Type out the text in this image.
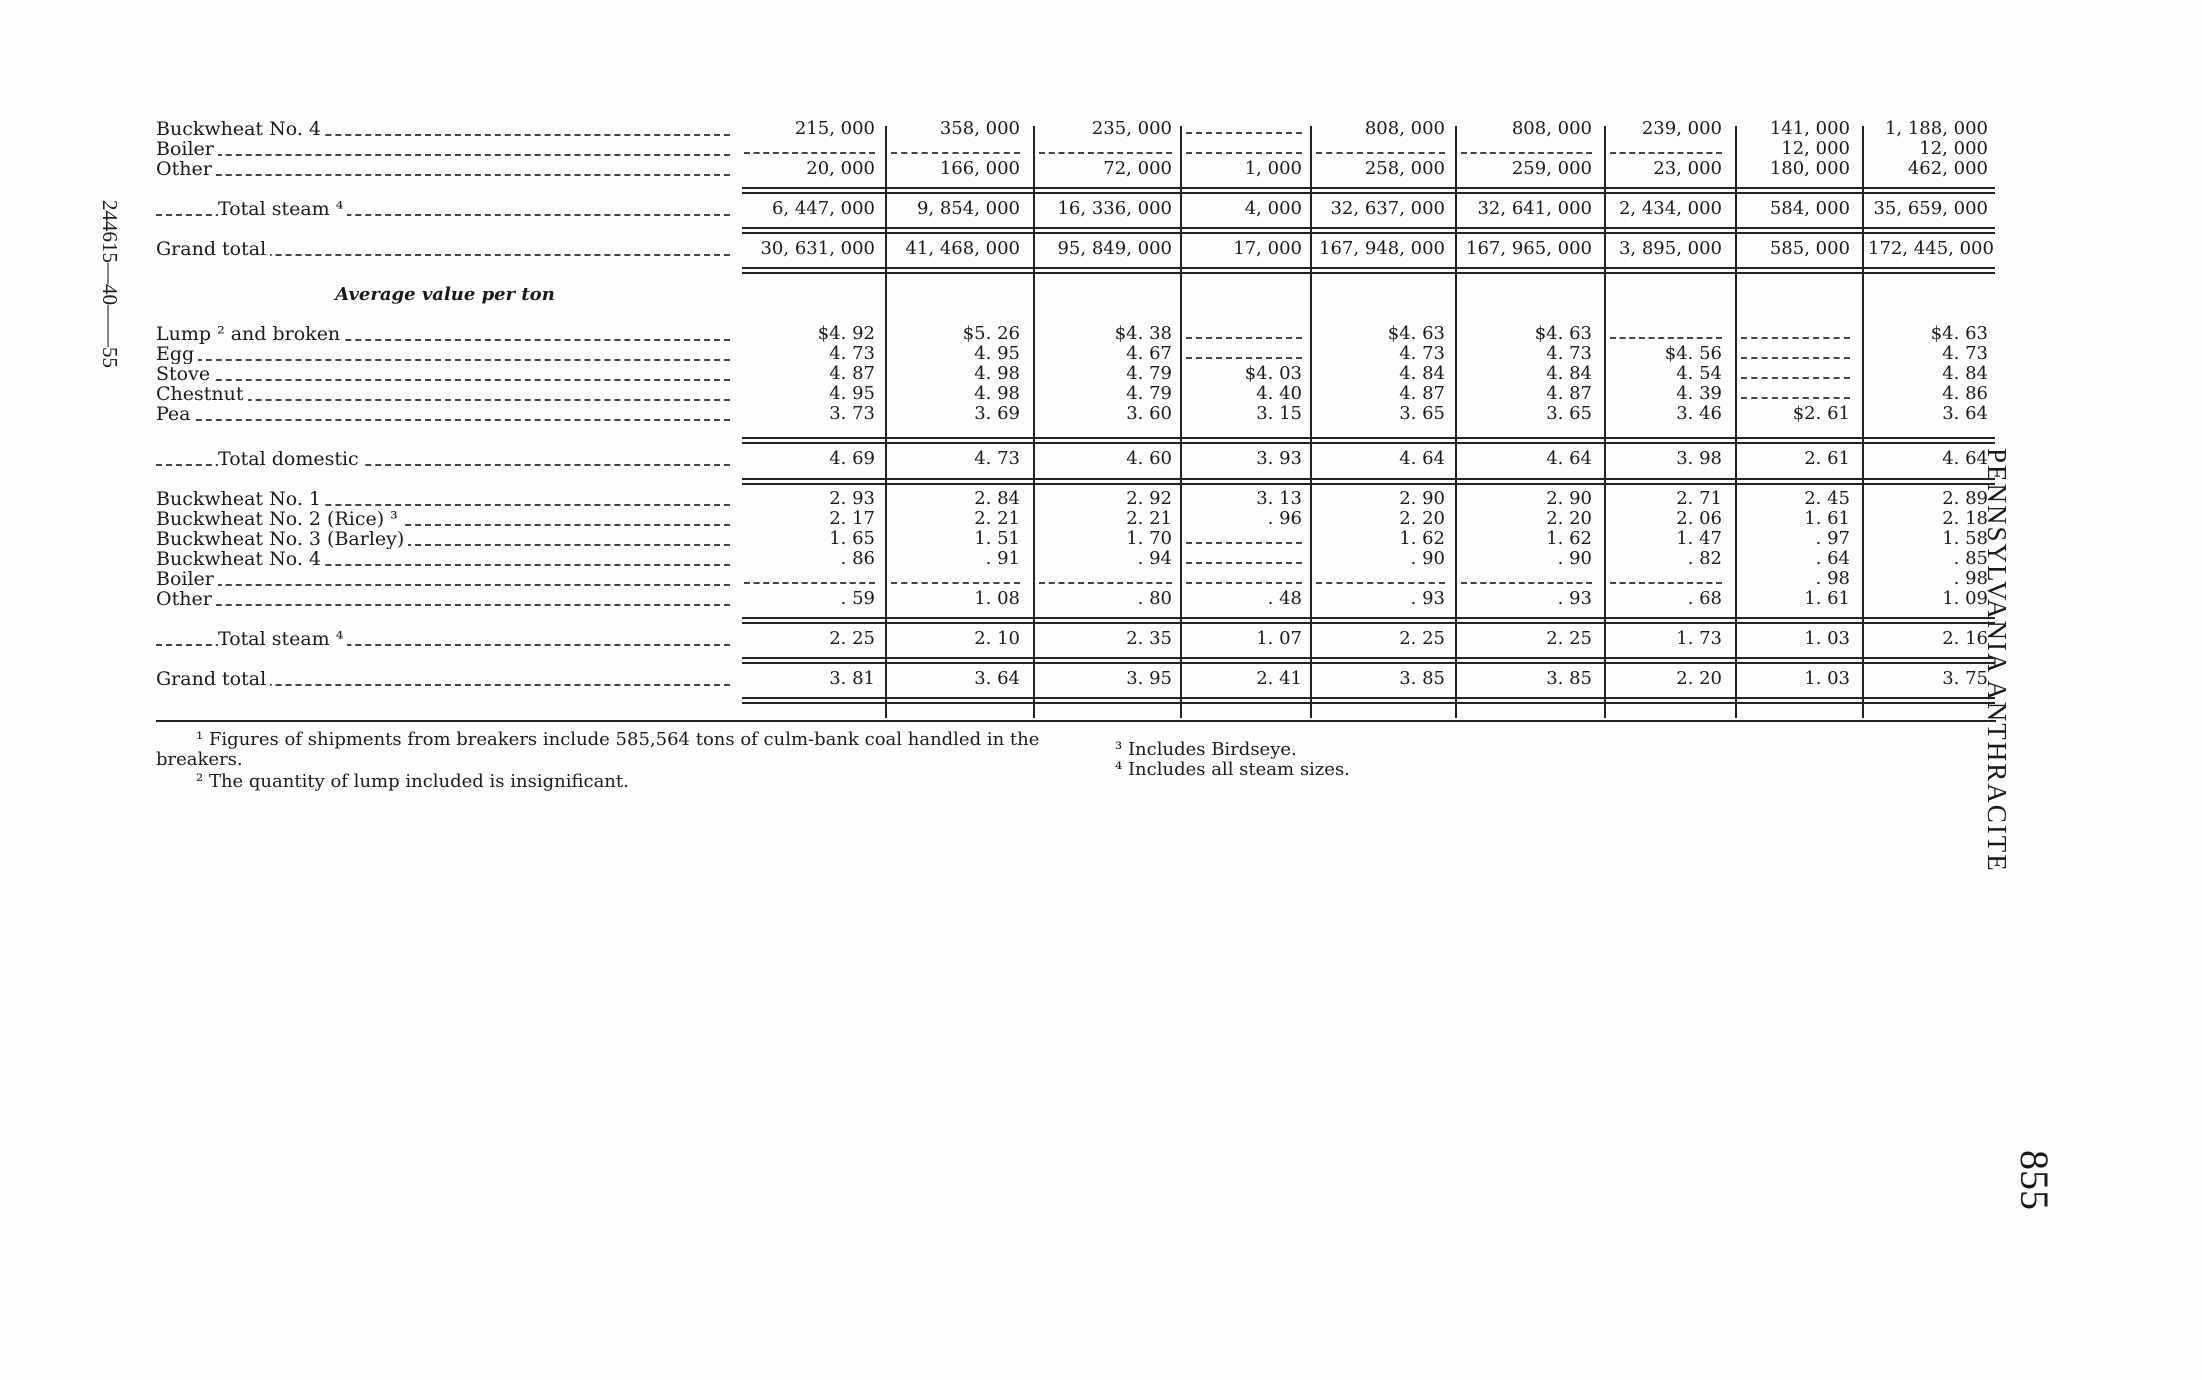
244615—40——55
PENNSYLVANIA ANTHRACITE
855
Buckwheat No. 4
Boiler
Other
Total steam ⁴
Grand total
Lump ² and broken
Egg
Stove
Chestnut
Pea
Total domestic
Buckwheat No. 1
Buckwheat No. 2 (Rice) ³
Buckwheat No. 3 (Barley)
Buckwheat No. 4
Boiler
Other
Total steam ⁴
Grand total
Average value per ton
215, 000
20, 000
6, 447, 000
30, 631, 000
$4. 92
4. 73
4. 87
4. 95
3. 73
4. 69
2. 93
2. 17
1. 65
. 86
. 59
2. 25
3. 81
358, 000
166, 000
9, 854, 000
41, 468, 000
$5. 26
4. 95
4. 98
4. 98
3. 69
4. 73
2. 84
2. 21
1. 51
. 91
1. 08
2. 10
3. 64
235, 000
72, 000
16, 336, 000
95, 849, 000
$4. 38
4. 67
4. 79
4. 79
3. 60
4. 60
2. 92
2. 21
1. 70
. 94
. 80
2. 35
3. 95
1, 000
4, 000
17, 000
$4. 03
4. 40
3. 15
3. 93
3. 13
. 96
. 48
1. 07
2. 41
808, 000
258, 000
32, 637, 000
167, 948, 000
$4. 63
4. 73
4. 84
4. 87
3. 65
4. 64
2. 90
2. 20
1. 62
. 90
. 93
2. 25
3. 85
808, 000
259, 000
32, 641, 000
167, 965, 000
$4. 63
4. 73
4. 84
4. 87
3. 65
4. 64
2. 90
2. 20
1. 62
. 90
. 93
2. 25
3. 85
239, 000
23, 000
2, 434, 000
3, 895, 000
$4. 56
4. 54
4. 39
3. 46
3. 98
2. 71
2. 06
1. 47
. 82
. 68
1. 73
2. 20
141, 000
12, 000
180, 000
584, 000
585, 000
$2. 61
2. 61
2. 45
1. 61
. 97
. 64
. 98
1. 61
1. 03
1. 03
1, 188, 000
12, 000
462, 000
35, 659, 000
172, 445, 000
$4. 63
4. 73
4. 84
4. 86
3. 64
4. 64
2. 89
2. 18
1. 58
. 85
. 98
1. 09
2. 16
3. 75
¹ Figures of shipments from breakers include 585,564 tons of culm-bank coal handled in the breakers.
² The quantity of lump included is insignificant.
³ Includes Birdseye.
⁴ Includes all steam sizes.
